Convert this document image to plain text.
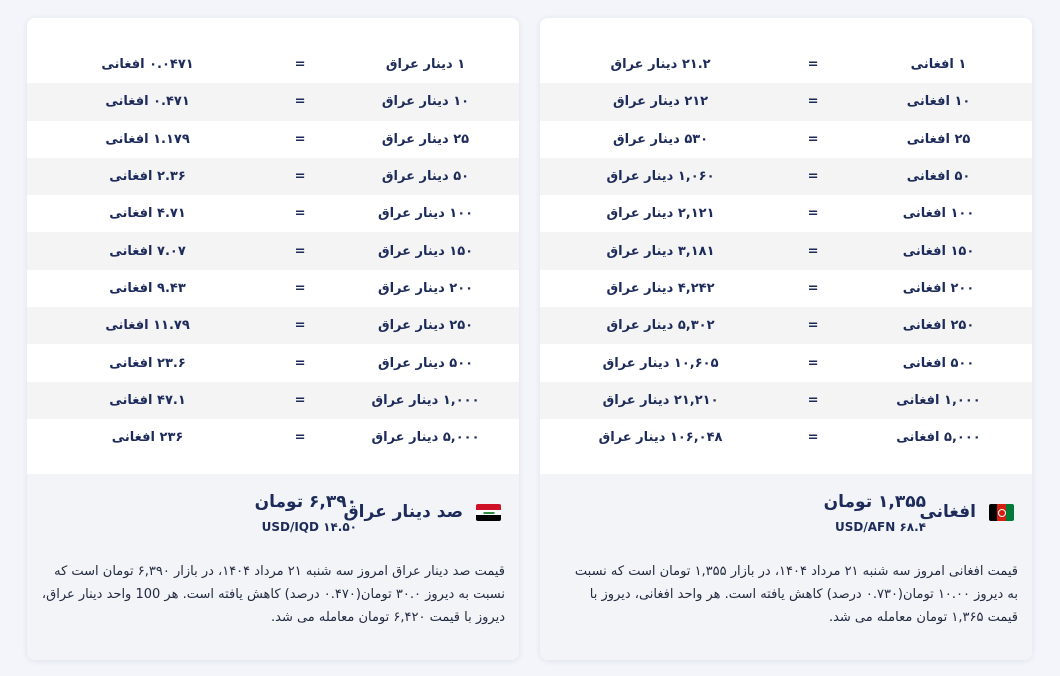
۱ افغانی
=
۲۱.۲ دینار عراق
۱۰ افغانی
=
۲۱۲ دینار عراق
۲۵ افغانی
=
۵۳۰ دینار عراق
۵۰ افغانی
=
۱,۰۶۰ دینار عراق
۱۰۰ افغانی
=
۲,۱۲۱ دینار عراق
۱۵۰ افغانی
=
۳,۱۸۱ دینار عراق
۲۰۰ افغانی
=
۴,۲۴۲ دینار عراق
۲۵۰ افغانی
=
۵,۳۰۲ دینار عراق
۵۰۰ افغانی
=
۱۰,۶۰۵ دینار عراق
۱,۰۰۰ افغانی
=
۲۱,۲۱۰ دینار عراق
۵,۰۰۰ افغانی
=
۱۰۶,۰۴۸ دینار عراق
افغانی
۱,۳۵۵ تومان
USD/AFN ۶۸.۴
قیمت افغانی امروز سه شنبه ۲۱ مرداد ۱۴۰۴، در بازار ۱,۳۵۵ تومان است که نسبت به دیروز ۱۰.۰۰ تومان(۰.۷۳۰ درصد) کاهش یافته است. هر واحد افغانی، دیروز با قیمت ۱,۳۶۵ تومان معامله می شد.
۱ دینار عراق
=
۰.۰۴۷۱ افغانی
۱۰ دینار عراق
=
۰.۴۷۱ افغانی
۲۵ دینار عراق
=
۱.۱۷۹ افغانی
۵۰ دینار عراق
=
۲.۳۶ افغانی
۱۰۰ دینار عراق
=
۴.۷۱ افغانی
۱۵۰ دینار عراق
=
۷.۰۷ افغانی
۲۰۰ دینار عراق
=
۹.۴۳ افغانی
۲۵۰ دینار عراق
=
۱۱.۷۹ افغانی
۵۰۰ دینار عراق
=
۲۳.۶ افغانی
۱,۰۰۰ دینار عراق
=
۴۷.۱ افغانی
۵,۰۰۰ دینار عراق
=
۲۳۶ افغانی
صد دینار عراق
۶,۳۹۰ تومان
USD/IQD ۱۴.۵۰
قیمت صد دینار عراق امروز سه شنبه ۲۱ مرداد ۱۴۰۴، در بازار ۶,۳۹۰ تومان است که نسبت به دیروز ۳۰.۰ تومان(۰.۴۷۰ درصد) کاهش یافته است. هر 100 واحد دینار عراق، دیروز با قیمت ۶,۴۲۰ تومان معامله می شد.
